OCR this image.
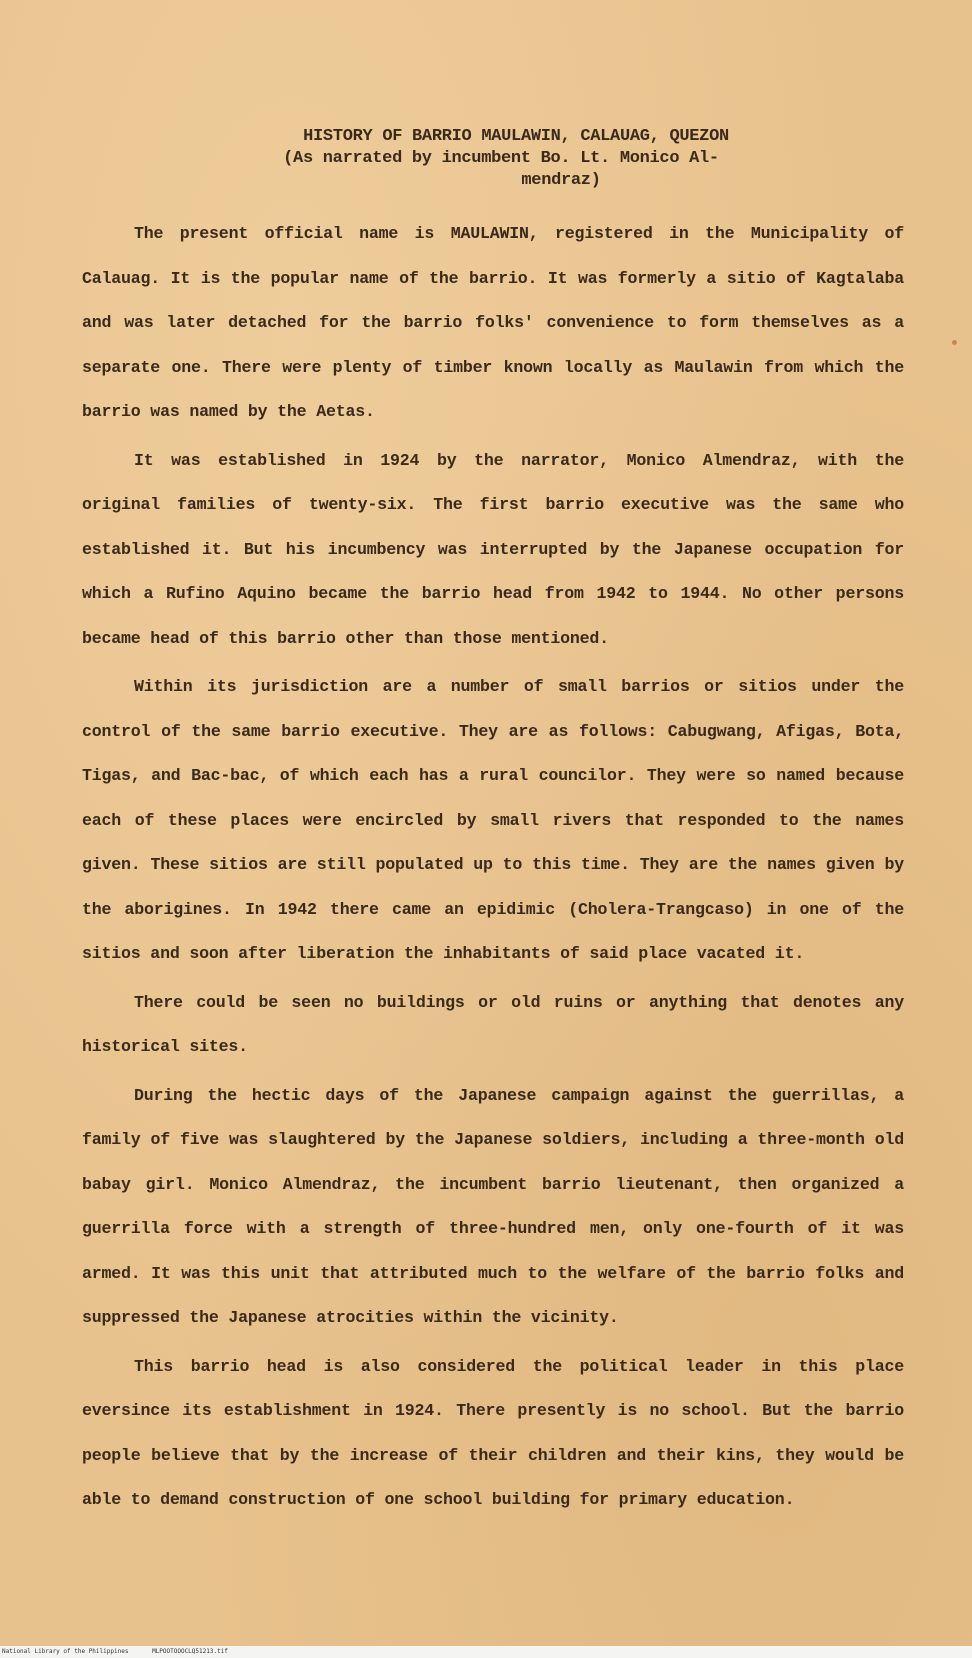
HISTORY OF BARRIO MAULAWIN, CALAUAG, QUEZON
(As narrated by incumbent Bo. Lt. Monico Al-
mendraz)

The present official name is MAULAWIN, registered in the Municipality of Calauag. It is the popular name of the barrio. It was formerly a sitio of Kagtalaba and was later detached for the barrio folks' convenience to form themselves as a separate one. There were plenty of timber known locally as Maulawin from which the barrio was named by the Aetas.

It was established in 1924 by the narrator, Monico Almendraz, with the original families of twenty-six. The first barrio executive was the same who established it. But his incumbency was interrupted by the Japanese occupation for which a Rufino Aquino became the barrio head from 1942 to 1944. No other persons became head of this barrio other than those mentioned.

Within its jurisdiction are a number of small barrios or sitios under the control of the same barrio executive. They are as follows: Cabugwang, Afigas, Bota, Tigas, and Bac-bac, of which each has a rural councilor. They were so named because each of these places were encircled by small rivers that responded to the names given. These sitios are still populated up to this time. They are the names given by the aborigines. In 1942 there came an epidimic (Cholera-Trangcaso) in one of the sitios and soon after liberation the inhabitants of said place vacated it.

There could be seen no buildings or old ruins or anything that denotes any historical sites.

During the hectic days of the Japanese campaign against the guerrillas, a family of five was slaughtered by the Japanese soldiers, including a three-month old babay girl. Monico Almendraz, the incumbent barrio lieutenant, then organized a guerrilla force with a strength of three-hundred men, only one-fourth of it was armed. It was this unit that attributed much to the welfare of the barrio folks and suppressed the Japanese atrocities within the vicinity.

This barrio head is also considered the political leader in this place eversince its establishment in 1924. There presently is no school. But the barrio people believe that by the increase of their children and their kins, they would be able to demand construction of one school building for primary education.

National Library of the Philippines	MLPOOTOOOCLQ51213.tif
